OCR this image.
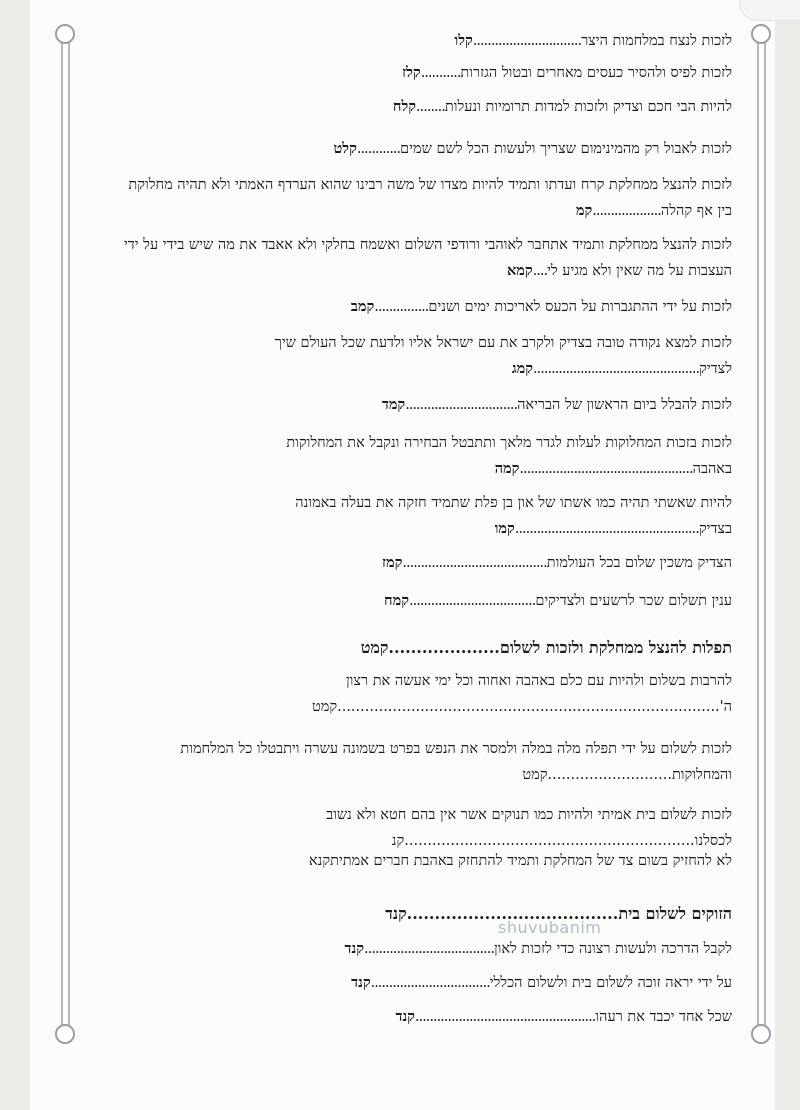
לזכות לנצח במלחמות היצר..............................קלו
לזכות לפיס ולהסיר כעסים מאחרים ובטול הגזרות...........קלז
להיות הבי חכם וצדיק ולזכות למדות תרומיות ונעלות........קלח
לזכות לאבול רק מהמינימום שצריך ולעשות הכל לשם שמים............קלט
לזכות להנצל ממחלקת קרח ועדתו ותמיד להיות מצדו של משה רבינו שהוא הערדף האמתי ולא תהיה מחלוקת בין אף קהלה...................קמ
לזכות להנצל ממחלקת ותמיד אתחבר לאוהבי ורודפי השלום ואשמח בחלקי ולא אאבד את מה שיש בידי על ידי העצבות על מה שאין ולא מגיע לי....קמא
לזכות על ידי ההתגברות על הכעס לאריכות ימים ושנים...............קמב
לזכות למצא נקודה טובה בצדיק ולקרב את עם ישראל אליו ולדעת שכל העולם שיך לצדיק..............................................קמג
לזכות להבלל ביום הראשון של הבריאה...............................קמד
לזכות בזכות המחלוקות לעלות לגדר מלאך ותתבטל הבחירה ונקבל את המחלוקות באהבה................................................קמה
להיות שאשתי תהיה כמו אשתו של און בן פלת שתמיד חזקה את בעלה באמונה בצדיק...................................................קמו
הצדיק משכין שלום בכל העולמות........................................קמז
ענין תשלום שכר לרשעים ולצדיקים...................................קמח
תפלות להנצל ממחלקת ולזכות לשלום....................קמט
להרבות בשלום ולהיות עם כלם באהבה ואחוה וכל ימי אעשה את רצון ה'...................................................................................קמט
לזכות לשלום על ידי תפלה מלה במלה ולמסר את הנפש בפרט בשמונה עשרה ויתבטלו כל המלחמות והמחלוקות...........................קמט
לזכות לשלום בית אמיתי ולהיות כמו תנוקים אשר אין בהם חטא ולא נשוב לכסלנו...............................................................קנ
לא להחזיק בשום צד של המחלקת ותמיד להתחזק באהבת חברים אמתיתקנא
הזוקים לשלום בית......................................קנד
לקבל הדרכה ולעשות רצונה כדי לזכות לאון....................................קנד
על ידי יראה זוכה לשלום בית ולשלום הכללי.................................קנד
שכל אחד יכבד את רעהו..................................................קנד
shuvubanim
